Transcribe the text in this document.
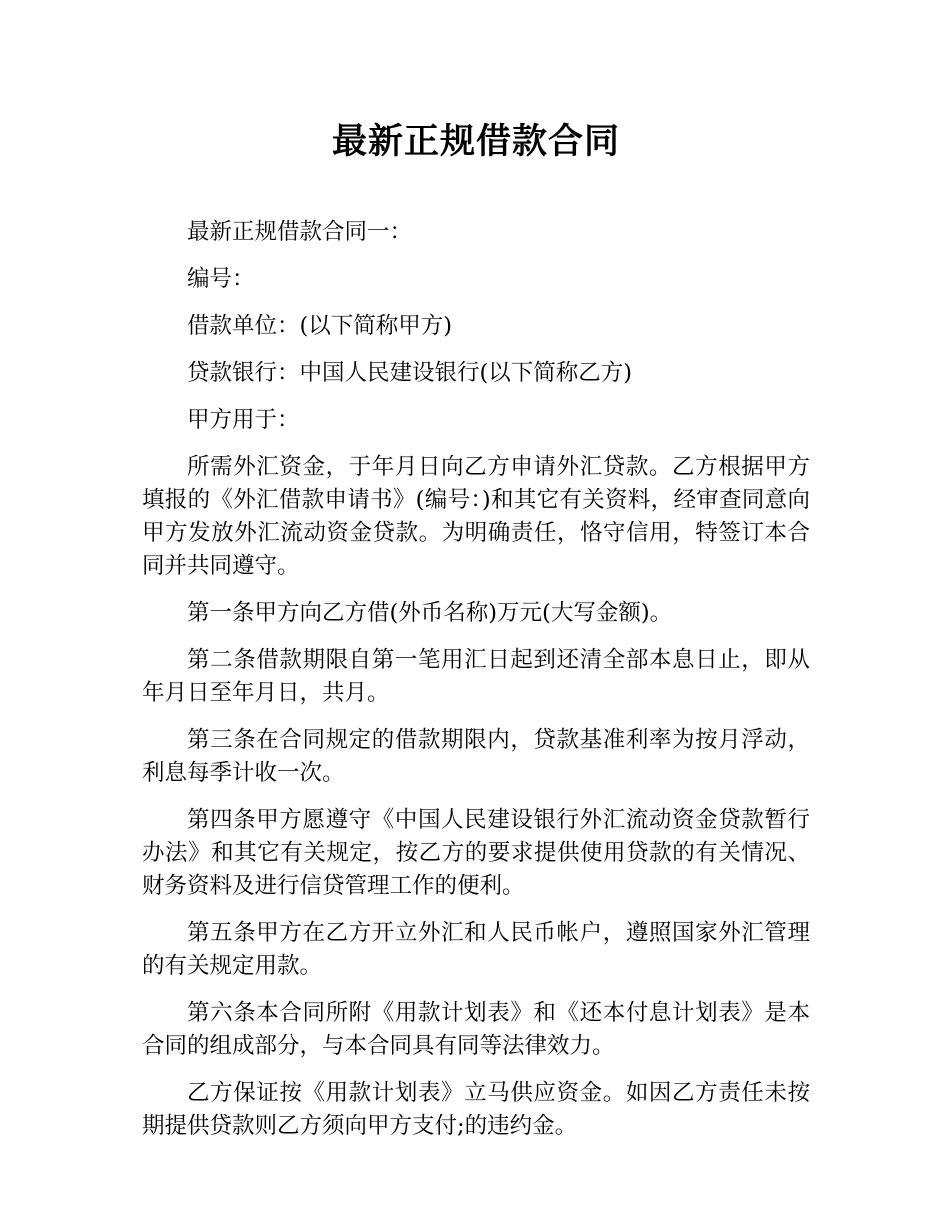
最新正规借款合同

最新正规借款合同一：

编号：

借款单位：(以下简称甲方)

贷款银行：中国人民建设银行(以下简称乙方)

甲方用于：

所需外汇资金，于年月日向乙方申请外汇贷款。乙方根据甲方填报的《外汇借款申请书》(编号：)和其它有关资料，经审查同意向甲方发放外汇流动资金贷款。为明确责任，恪守信用，特签订本合同并共同遵守。

第一条甲方向乙方借(外币名称)万元(大写金额)。

第二条借款期限自第一笔用汇日起到还清全部本息日止，即从年月日至年月日，共月。

第三条在合同规定的借款期限内，贷款基准利率为按月浮动，利息每季计收一次。

第四条甲方愿遵守《中国人民建设银行外汇流动资金贷款暂行办法》和其它有关规定，按乙方的要求提供使用贷款的有关情况、财务资料及进行信贷管理工作的便利。

第五条甲方在乙方开立外汇和人民币帐户，遵照国家外汇管理的有关规定用款。

第六条本合同所附《用款计划表》和《还本付息计划表》是本合同的组成部分，与本合同具有同等法律效力。

乙方保证按《用款计划表》立马供应资金。如因乙方责任未按期提供贷款则乙方须向甲方支付;的违约金。
